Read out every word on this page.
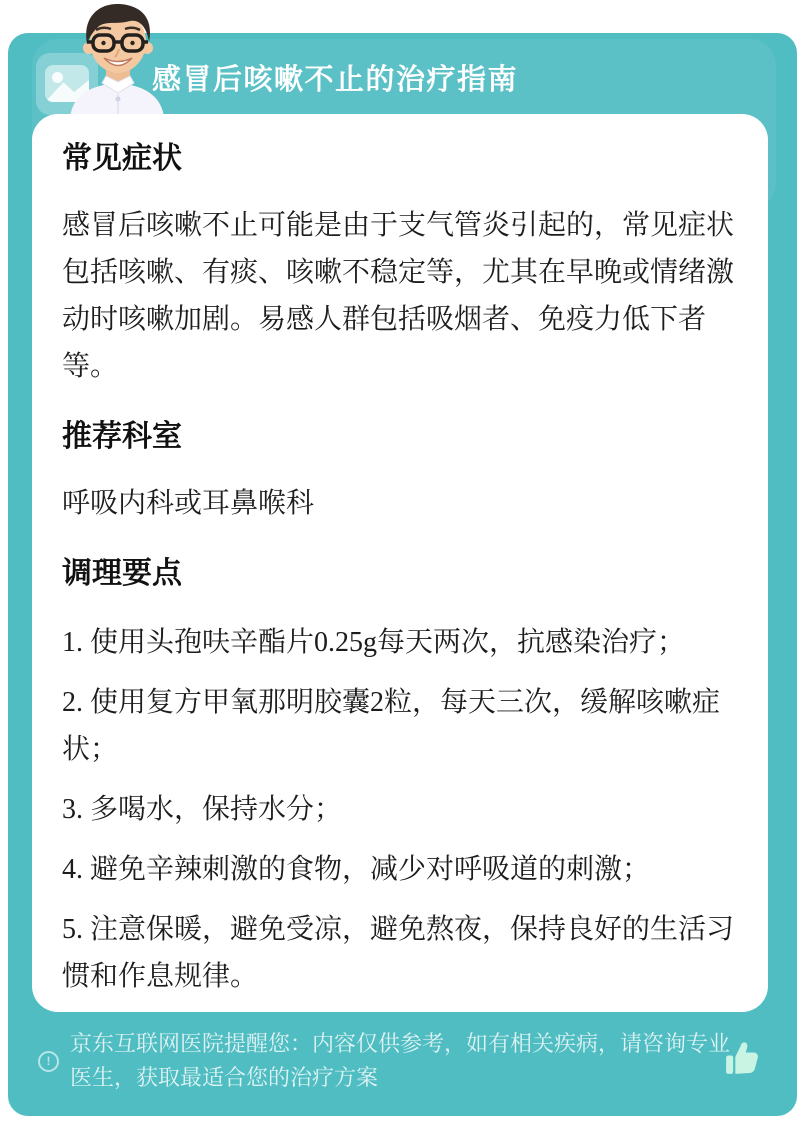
感冒后咳嗽不止的治疗指南
常见症状
感冒后咳嗽不止可能是由于支气管炎引起的，常见症状包括咳嗽、有痰、咳嗽不稳定等，尤其在早晚或情绪激动时咳嗽加剧。易感人群包括吸烟者、免疫力低下者等。
推荐科室
呼吸内科或耳鼻喉科
调理要点
1. 使用头孢呋辛酯片0.25g每天两次，抗感染治疗；
2. 使用复方甲氧那明胶囊2粒，每天三次，缓解咳嗽症状；
3. 多喝水，保持水分；
4. 避免辛辣刺激的食物，减少对呼吸道的刺激；
5. 注意保暖，避免受凉，避免熬夜，保持良好的生活习惯和作息规律。
!
京东互联网医院提醒您：内容仅供参考，如有相关疾病，请咨询专业医生，获取最适合您的治疗方案
